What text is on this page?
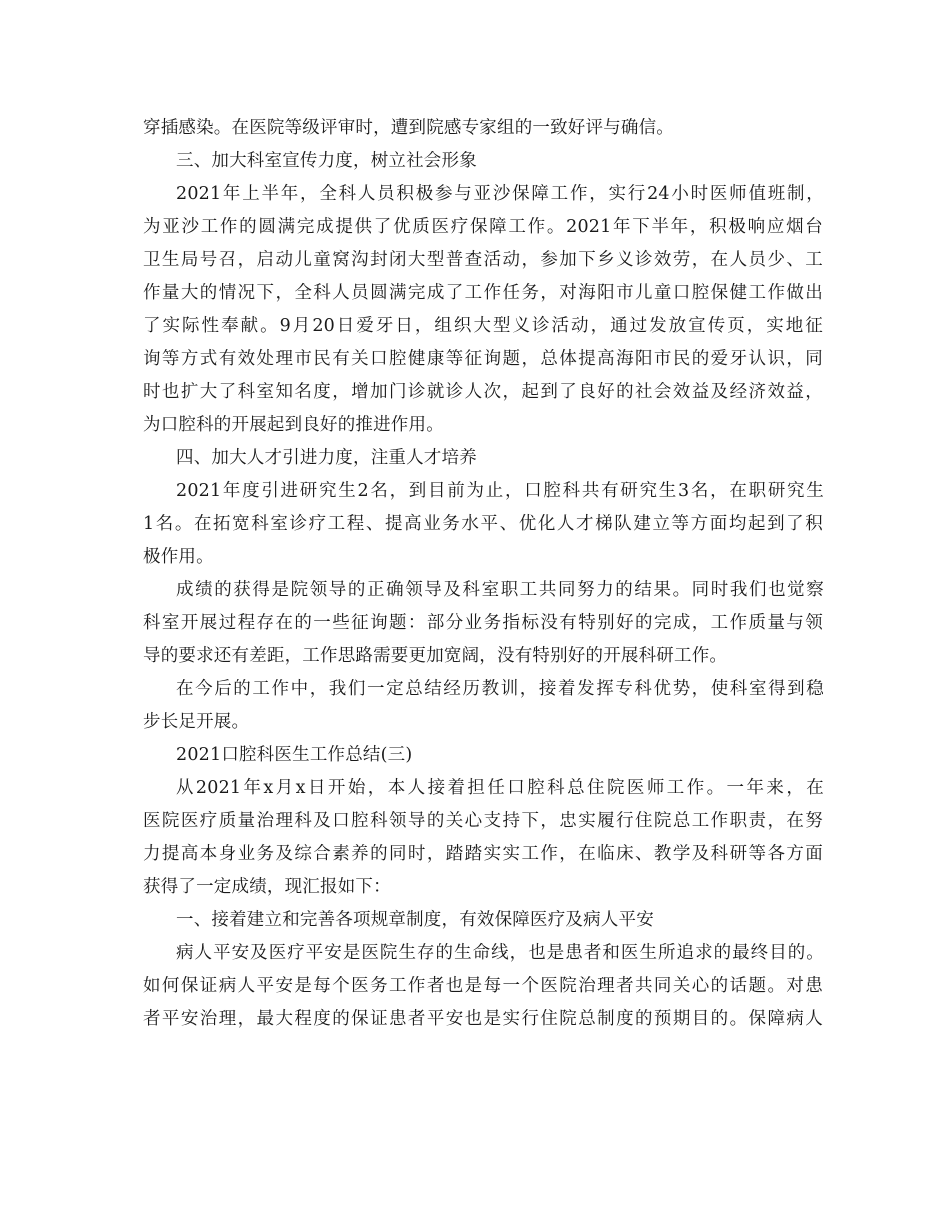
穿插感染。在医院等级评审时，遭到院感专家组的一致好评与确信。
三、加大科室宣传力度，树立社会形象
2021年上半年，全科人员积极参与亚沙保障工作，实行24小时医师值班制，
为亚沙工作的圆满完成提供了优质医疗保障工作。2021年下半年，积极响应烟台
卫生局号召，启动儿童窝沟封闭大型普查活动，参加下乡义诊效劳，在人员少、工
作量大的情况下，全科人员圆满完成了工作任务，对海阳市儿童口腔保健工作做出
了实际性奉献。9月20日爱牙日，组织大型义诊活动，通过发放宣传页，实地征
询等方式有效处理市民有关口腔健康等征询题，总体提高海阳市民的爱牙认识，同
时也扩大了科室知名度，增加门诊就诊人次，起到了良好的社会效益及经济效益，
为口腔科的开展起到良好的推进作用。
四、加大人才引进力度，注重人才培养
2021年度引进研究生2名，到目前为止，口腔科共有研究生3名，在职研究生
1名。在拓宽科室诊疗工程、提高业务水平、优化人才梯队建立等方面均起到了积
极作用。
成绩的获得是院领导的正确领导及科室职工共同努力的结果。同时我们也觉察
科室开展过程存在的一些征询题：部分业务指标没有特别好的完成，工作质量与领
导的要求还有差距，工作思路需要更加宽阔，没有特别好的开展科研工作。
在今后的工作中，我们一定总结经历教训，接着发挥专科优势，使科室得到稳
步长足开展。
2021口腔科医生工作总结(三)
从2021年x月x日开始，本人接着担任口腔科总住院医师工作。一年来，在
医院医疗质量治理科及口腔科领导的关心支持下，忠实履行住院总工作职责，在努
力提高本身业务及综合素养的同时，踏踏实实工作，在临床、教学及科研等各方面
获得了一定成绩，现汇报如下：
一、接着建立和完善各项规章制度，有效保障医疗及病人平安
病人平安及医疗平安是医院生存的生命线，也是患者和医生所追求的最终目的。
如何保证病人平安是每个医务工作者也是每一个医院治理者共同关心的话题。对患
者平安治理，最大程度的保证患者平安也是实行住院总制度的预期目的。保障病人
